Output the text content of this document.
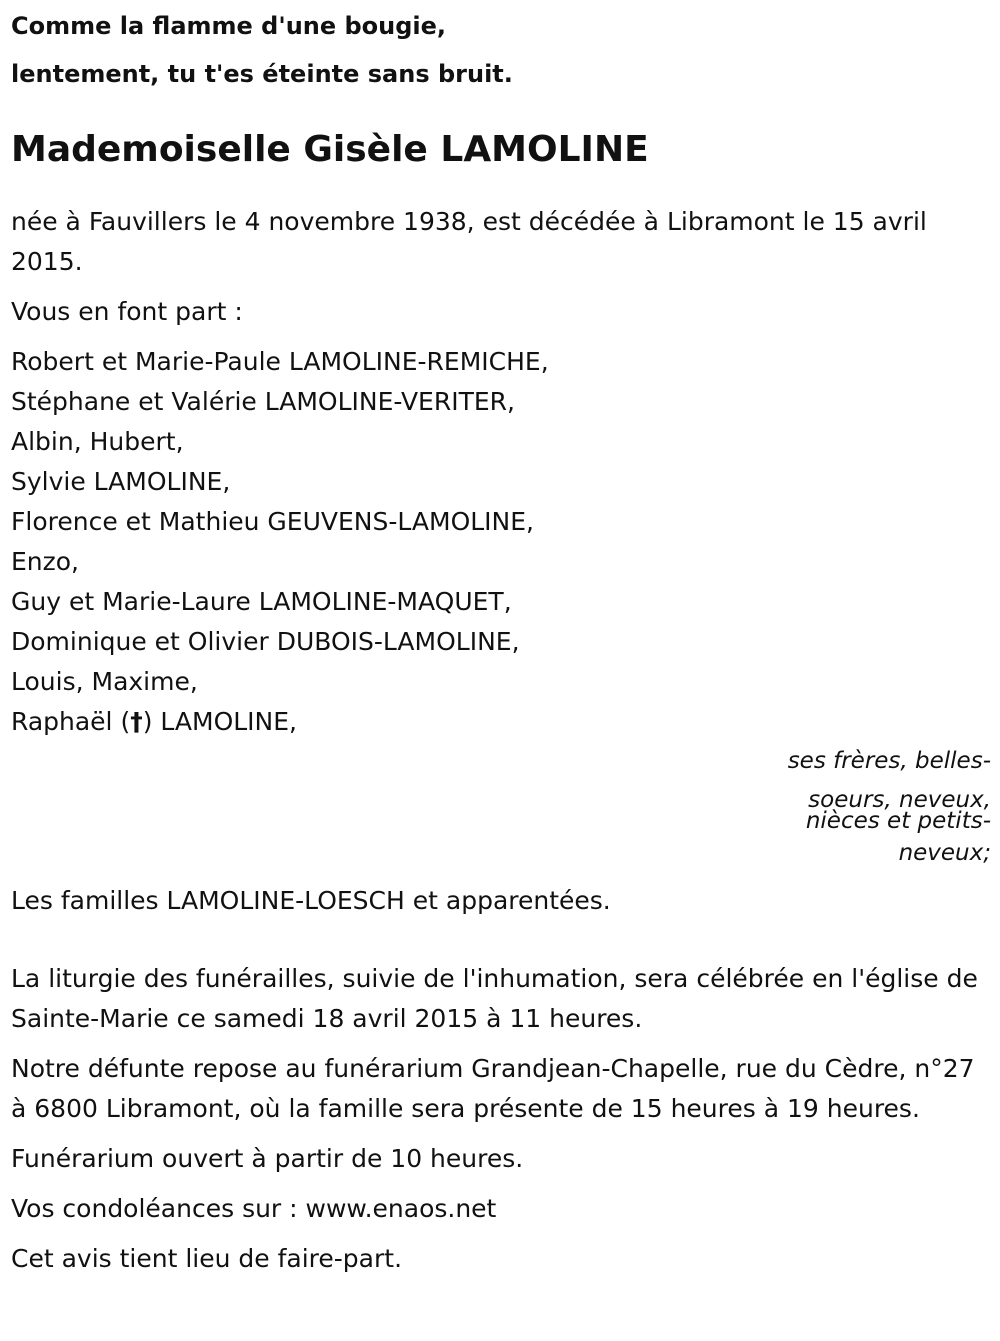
Comme la flamme d'une bougie,
lentement, tu t'es éteinte sans bruit.
Mademoiselle Gisèle LAMOLINE

née à Fauvillers le 4 novembre 1938, est décédée à Libramont le 15 avril 2015.

Vous en font part :

Robert et Marie-Paule LAMOLINE-REMICHE,
Stéphane et Valérie LAMOLINE-VERITER,
Albin, Hubert,
Sylvie LAMOLINE,
Florence et Mathieu GEUVENS-LAMOLINE,
Enzo,
Guy et Marie-Laure LAMOLINE-MAQUET,
Dominique et Olivier DUBOIS-LAMOLINE,
Louis, Maxime,
Raphaël (†) LAMOLINE,
ses frères, belles-
soeurs, neveux,
nièces et petits-
neveux;

Les familles LAMOLINE-LOESCH et apparentées.

La liturgie des funérailles, suivie de l'inhumation, sera célébrée en l'église de Sainte-Marie ce samedi 18 avril 2015 à 11 heures.

Notre défunte repose au funérarium Grandjean-Chapelle, rue du Cèdre, n°27 à 6800 Libramont, où la famille sera présente de 15 heures à 19 heures.

Funérarium ouvert à partir de 10 heures.

Vos condoléances sur : www.enaos.net

Cet avis tient lieu de faire-part.
